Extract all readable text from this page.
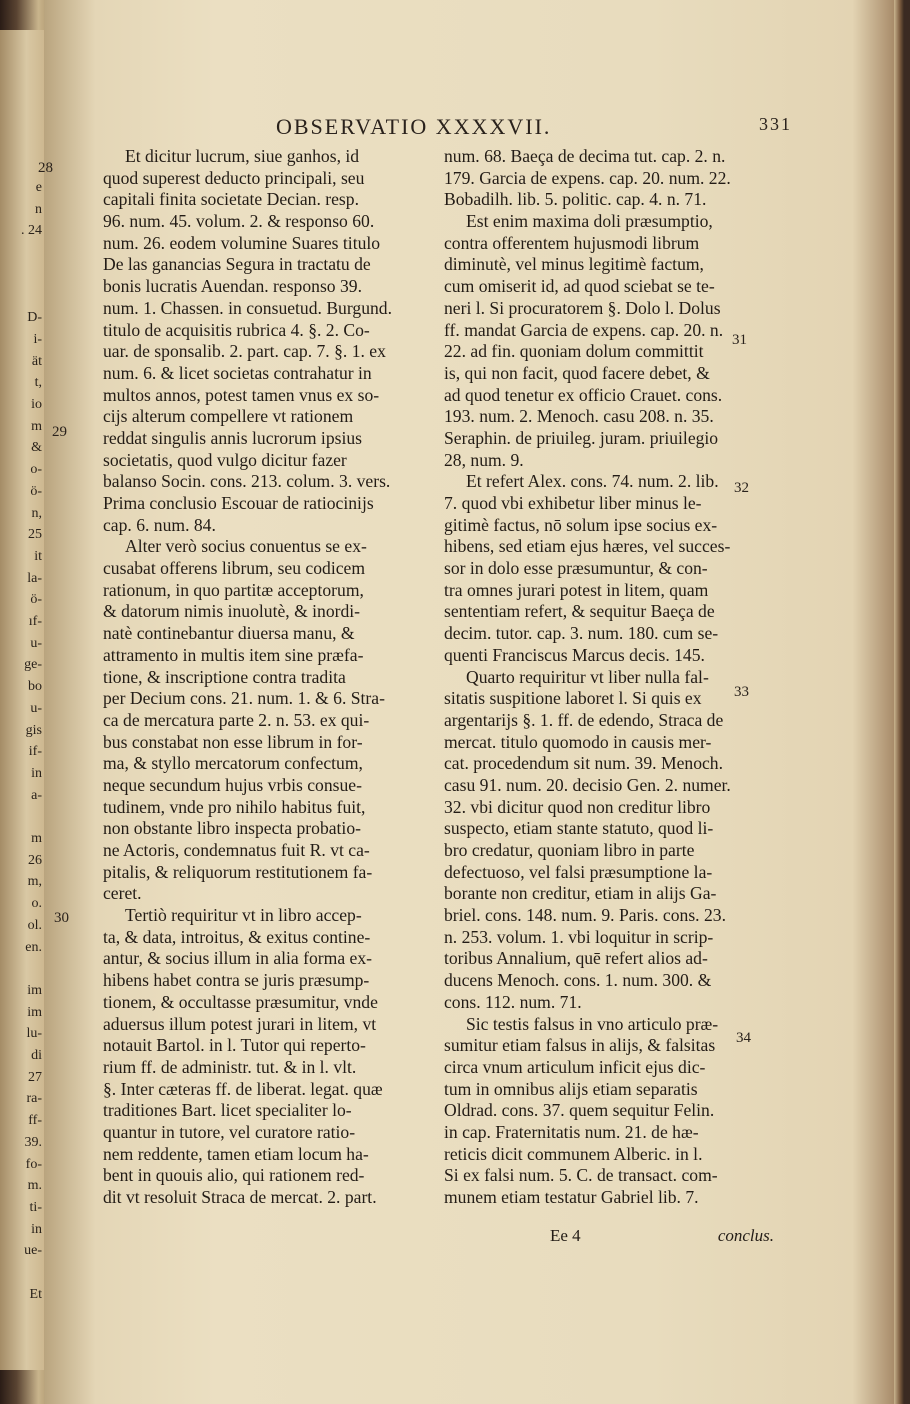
e
n
. 24
D-
i-
ät
t,
io
m
&
o-
ö-
n,
25
it
la-
ö-
ıf-
u-
ge-
bo
u-
gis
if-
in
a-
m
26
m,
o.
ol.
en.
im
im
lu-
di
27
ra-
ff-
39.
fo-
m.
ti-
in
ue-
Et
OBSERVATIO XXXXVII.	331
Et dicitur lucrum, siue ganhos, id
quod superest deducto principali, seu
capitali finita societate Decian. resp.
96. num. 45. volum. 2. & responso 60.
num. 26. eodem volumine Suares titulo
De las ganancias Segura in tractatu de
bonis lucratis Auendan. responso 39.
num. 1. Chassen. in consuetud. Burgund.
titulo de acquisitis rubrica 4. §. 2. Co-
uar. de sponsalib. 2. part. cap. 7. §. 1. ex
num. 6. & licet societas contrahatur in
multos annos, potest tamen vnus ex so-
cijs alterum compellere vt rationem
reddat singulis annis lucrorum ipsius
societatis, quod vulgo dicitur fazer
balanso Socin. cons. 213. colum. 3. vers.
Prima conclusio Escouar de ratiocinijs
cap. 6. num. 84.
Alter verò socius conuentus se ex-
cusabat offerens librum, seu codicem
rationum, in quo partitæ acceptorum,
& datorum nimis inuolutè, & inordi-
natè continebantur diuersa manu, &
attramento in multis item sine præfa-
tione, & inscriptione contra tradita
per Decium cons. 21. num. 1. & 6. Stra-
ca de mercatura parte 2. n. 53. ex qui-
bus constabat non esse librum in for-
ma, & styllo mercatorum confectum,
neque secundum hujus vrbis consue-
tudinem, vnde pro nihilo habitus fuit,
non obstante libro inspecta probatio-
ne Actoris, condemnatus fuit R. vt ca-
pitalis, & reliquorum restitutionem fa-
ceret.
Tertiò requiritur vt in libro accep-
ta, & data, introitus, & exitus contine-
antur, & socius illum in alia forma ex-
hibens habet contra se juris præsump-
tionem, & occultasse præsumitur, vnde
aduersus illum potest jurari in litem, vt
notauit Bartol. in l. Tutor qui reperto-
rium ff. de administr. tut. & in l. vlt.
§. Inter cæteras ff. de liberat. legat. quæ
traditiones Bart. licet specialiter lo-
quantur in tutore, vel curatore ratio-
nem reddente, tamen etiam locum ha-
bent in quouis alio, qui rationem red-
dit vt resoluit Straca de mercat. 2. part.
num. 68. Baeça de decima tut. cap. 2. n.
179. Garcia de expens. cap. 20. num. 22.
Bobadilh. lib. 5. politic. cap. 4. n. 71.
Est enim maxima doli præsumptio,
contra offerentem hujusmodi librum
diminutè, vel minus legitimè factum,
cum omiserit id, ad quod sciebat se te-
neri l. Si procuratorem §. Dolo l. Dolus
ff. mandat Garcia de expens. cap. 20. n.
22. ad fin. quoniam dolum committit
is, qui non facit, quod facere debet, &
ad quod tenetur ex officio Crauet. cons.
193. num. 2. Menoch. casu 208. n. 35.
Seraphin. de priuileg. juram. priuilegio
28, num. 9.
Et refert Alex. cons. 74. num. 2. lib.
7. quod vbi exhibetur liber minus le-
gitimè factus, nō solum ipse socius ex-
hibens, sed etiam ejus hæres, vel succes-
sor in dolo esse præsumuntur, & con-
tra omnes jurari potest in litem, quam
sententiam refert, & sequitur Baeça de
decim. tutor. cap. 3. num. 180. cum se-
quenti Franciscus Marcus decis. 145.
Quarto requiritur vt liber nulla fal-
sitatis suspitione laboret l. Si quis ex
argentarijs §. 1. ff. de edendo, Straca de
mercat. titulo quomodo in causis mer-
cat. procedendum sit num. 39. Menoch.
casu 91. num. 20. decisio Gen. 2. numer.
32. vbi dicitur quod non creditur libro
suspecto, etiam stante statuto, quod li-
bro credatur, quoniam libro in parte
defectuoso, vel falsi præsumptione la-
borante non creditur, etiam in alijs Ga-
briel. cons. 148. num. 9. Paris. cons. 23.
n. 253. volum. 1. vbi loquitur in scrip-
toribus Annalium, quē refert alios ad-
ducens Menoch. cons. 1. num. 300. &
cons. 112. num. 71.
Sic testis falsus in vno articulo præ-
sumitur etiam falsus in alijs, & falsitas
circa vnum articulum inficit ejus dic-
tum in omnibus alijs etiam separatis
Oldrad. cons. 37. quem sequitur Felin.
in cap. Fraternitatis num. 21. de hæ-
reticis dicit communem Alberic. in l.
Si ex falsi num. 5. C. de transact. com-
munem etiam testatur Gabriel lib. 7.
28
29
30
31
32
33
34
Ee 4	conclus.
